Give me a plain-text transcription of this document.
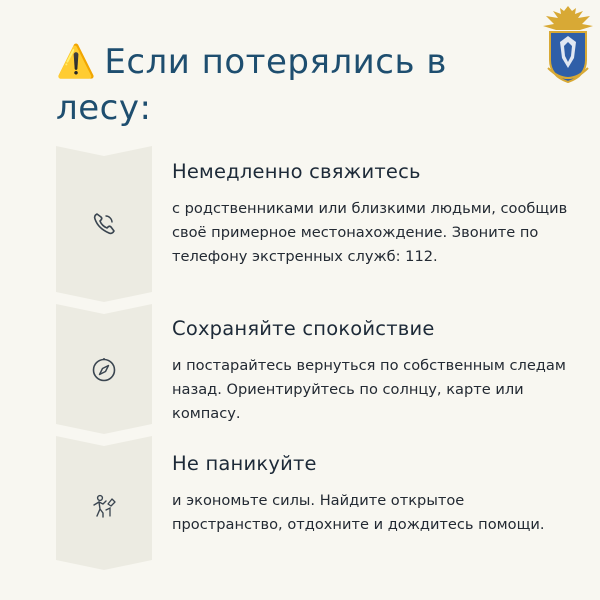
⚠️ Если потерялись в лесу:
Немедленно свяжитесь

с родственниками или близкими людьми, сообщив своё примерное местонахождение. Звоните по телефону экстренных служб: 112.

Сохраняйте спокойствие

и постарайтесь вернуться по собственным следам назад. Ориентируйтесь по солнцу, карте или компасу.

Не паникуйте

и экономьте силы. Найдите открытое пространство, отдохните и дождитесь помощи.
